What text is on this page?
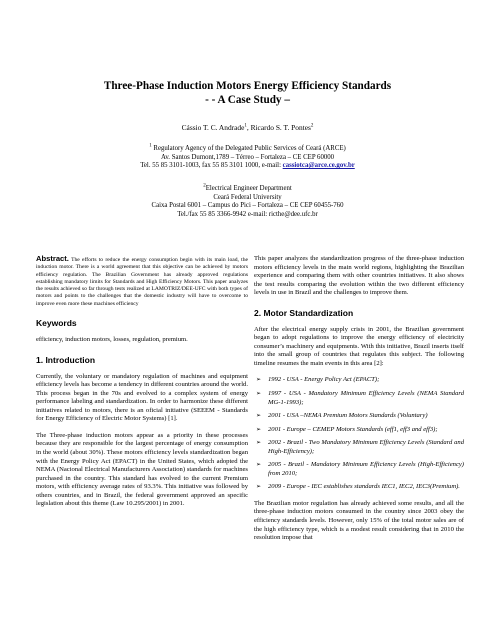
Three-Phase Induction Motors Energy Efficiency Standards
- - A Case Study –
Cássio T. C. Andrade$^1$, Ricardo S. T. Pontes$^2$
$^1$ Regulatory Agency of the Delegated Public Services of Ceará (ARCE)
Av. Santos Dumont,1789 – Térreo – Fortaleza – CE CEP 60000
Tel. 55 85 3101-1003, fax 55 85 3101 1000, e-mail: cassiotca@arce.ce.gov.br
$^2$Electrical Engineer Department
Ceará Federal University
Caixa Postal 6001 – Campus do Pici – Fortaleza – CE CEP 60455-760
Tel./fax 55 85 3366-9942 e-mail: ricthe@dee.ufc.br

Abstract. The efforts to reduce the energy consumption begin with its main load, the induction motor. There is a world agreement that this objective can be achieved by motors efficiency regulation. The Brazilian Government has already approved regulations establishing mandatory limits for Standards and High Efficiency Motors. This paper analyzes the results achieved so far through tests realized at LAMOTRIZ/DEE-UFC with both types of motors and points to the challenges that the domestic industry will have to overcome to improve even more these machines efficiency

Keywords

efficiency, induction motors, losses, regulation, premium.

1. Introduction

Currently, the voluntary or mandatory regulation of machines and equipment efficiency levels has become a tendency in different countries around the world. This process began in the 70s and evolved to a complex system of energy performance labeling and standardization. In order to harmonize these different initiatives related to motors, there is an oficial initiative (SEEEM - Standards for Energy Efficiency of Electric Motor Systems) [1].

The Three-phase induction motors appear as a priority in these processes because they are responsible for the largest percentage of energy consumption in the world (about 30%). These motors efficiency levels standardization began with the Energy Policy Act (EPACT) in the United States, which adopted the NEMA (Nacional Electrical Manufacturers Association) standards for machines purchased in the country. This standard has evolved to the current Premium motors, with efficiency average rates of 93.3%. This initiative was followed by others countries, and in Brazil, the federal government approved an specific legislation about this theme (Law 10.295/2001) in 2001.

This paper analyzes the standardization progress of the three-phase induction motors efficiency levels in the main world regions, highlighting the Brazilian experience and comparing them with other countries initiatives. It also shows the test results comparing the evolution within the two different efficiency levels in use in Brazil and the challenges to improve them.

2. Motor Standardization

After the electrical energy supply crisis in 2001, the Brazilian government began to adopt regulations to improve the energy efficiency of electricity consumer’s machinery and equipments. With this initiative, Brazil inserts itself into the small group of countries that regulates this subject. The following timeline resumes the main events in this area [2]:

➢ 1992 - USA - Energy Policy Act (EPACT);
➢ 1997 - USA - Mandatory Minimum Efficiency Levels (NEMA Standard MG-1-1993);
➢ 2001 - USA –NEMA Premium Motors Standards (Voluntary)
➢ 2001 - Europe – CEMEP Motors Standards (eff1, eff3 and eff3);
➢ 2002 - Brazil - Two Mandatory Minimum Efficiency Levels (Standard and High-Efficiency);
➢ 2005 - Brazil - Mandatory Minimum Efficiency Levels (High-Efficiency) from 2010;
➢ 2009 - Europe - IEC establishes standards IEC1, IEC2, IEC3(Premium).

The Brazilian motor regulation has already achieved some results, and all the three-phase induction motors consumed in the country since 2003 obey the efficiency standards levels. However, only 15% of the total motor sales are of the high efficiency type, which is a modest result considering that in 2010 the resolution impose that
